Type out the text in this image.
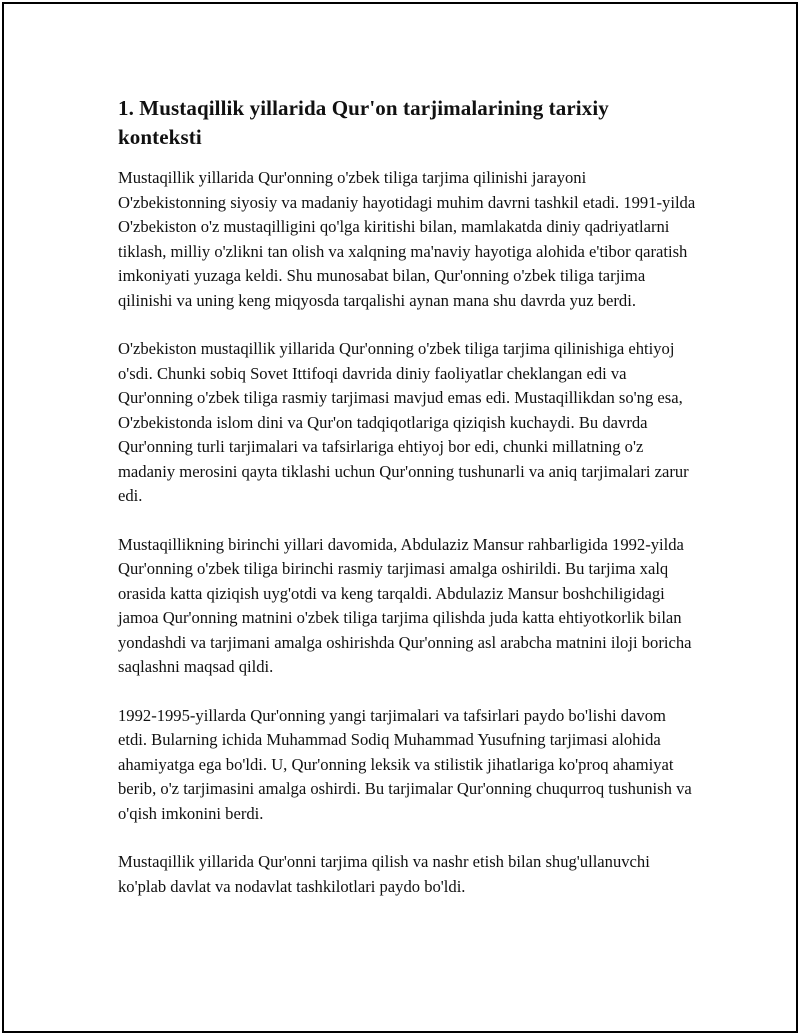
1. Mustaqillik yillarida Qur'on tarjimalarining tarixiy konteksti

Mustaqillik yillarida Qur'onning o'zbek tiliga tarjima qilinishi jarayoni O'zbekistonning siyosiy va madaniy hayotidagi muhim davrni tashkil etadi. 1991-yilda O'zbekiston o'z mustaqilligini qo'lga kiritishi bilan, mamlakatda diniy qadriyatlarni tiklash, milliy o'zlikni tan olish va xalqning ma'naviy hayotiga alohida e'tibor qaratish imkoniyati yuzaga keldi. Shu munosabat bilan, Qur'onning o'zbek tiliga tarjima qilinishi va uning keng miqyosda tarqalishi aynan mana shu davrda yuz berdi.

O'zbekiston mustaqillik yillarida Qur'onning o'zbek tiliga tarjima qilinishiga ehtiyoj o'sdi. Chunki sobiq Sovet Ittifoqi davrida diniy faoliyatlar cheklangan edi va Qur'onning o'zbek tiliga rasmiy tarjimasi mavjud emas edi. Mustaqillikdan so'ng esa, O'zbekistonda islom dini va Qur'on tadqiqotlariga qiziqish kuchaydi. Bu davrda Qur'onning turli tarjimalari va tafsirlariga ehtiyoj bor edi, chunki millatning o'z madaniy merosini qayta tiklashi uchun Qur'onning tushunarli va aniq tarjimalari zarur edi.

Mustaqillikning birinchi yillari davomida, Abdulaziz Mansur rahbarligida 1992-yilda Qur'onning o'zbek tiliga birinchi rasmiy tarjimasi amalga oshirildi. Bu tarjima xalq orasida katta qiziqish uyg'otdi va keng tarqaldi. Abdulaziz Mansur boshchiligidagi jamoa Qur'onning matnini o'zbek tiliga tarjima qilishda juda katta ehtiyotkorlik bilan yondashdi va tarjimani amalga oshirishda Qur'onning asl arabcha matnini iloji boricha saqlashni maqsad qildi.

1992-1995-yillarda Qur'onning yangi tarjimalari va tafsirlari paydo bo'lishi davom etdi. Bularning ichida Muhammad Sodiq Muhammad Yusufning tarjimasi alohida ahamiyatga ega bo'ldi. U, Qur'onning leksik va stilistik jihatlariga ko'proq ahamiyat berib, o'z tarjimasini amalga oshirdi. Bu tarjimalar Qur'onning chuqurroq tushunish va o'qish imkonini berdi.

Mustaqillik yillarida Qur'onni tarjima qilish va nashr etish bilan shug'ullanuvchi ko'plab davlat va nodavlat tashkilotlari paydo bo'ldi.
